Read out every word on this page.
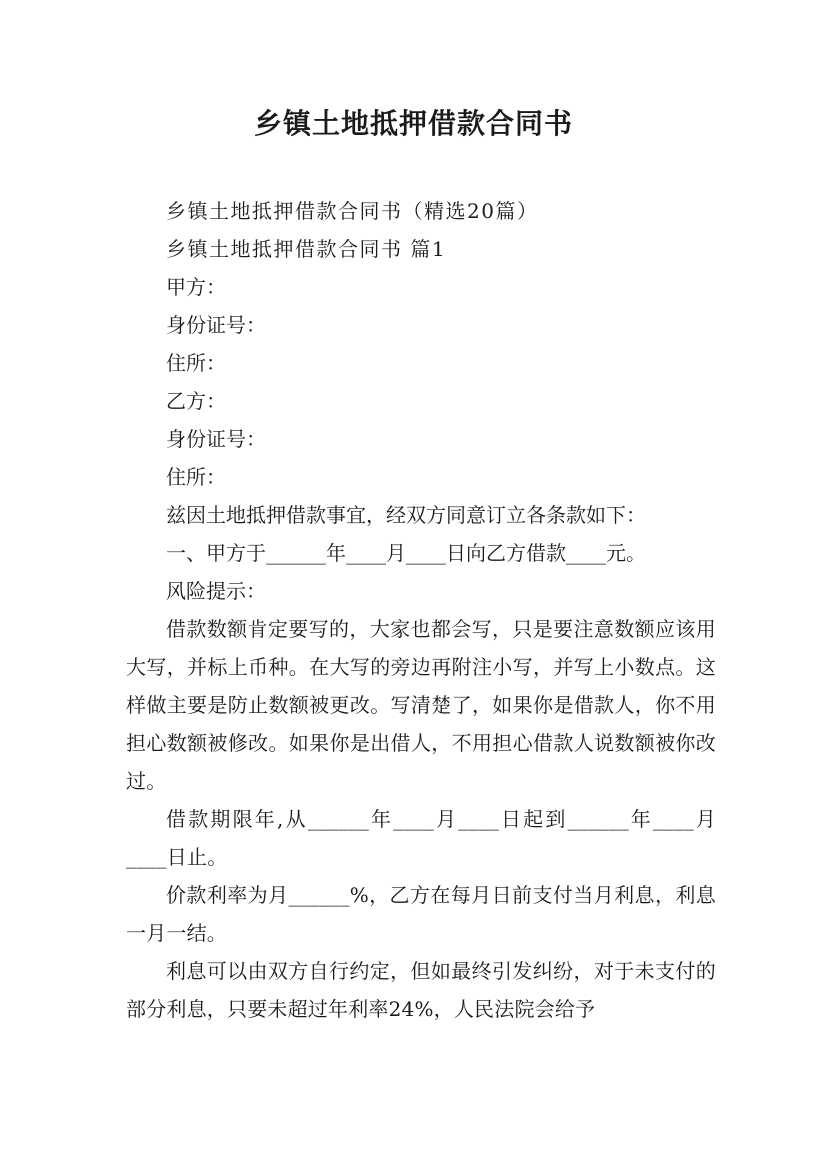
乡镇土地抵押借款合同书

乡镇土地抵押借款合同书（精选20篇）

乡镇土地抵押借款合同书 篇1

甲方：

身份证号：

住所：

乙方：

身份证号：

住所：

兹因土地抵押借款事宜，经双方同意订立各条款如下：

一、甲方于______年____月____日向乙方借款____元。

风险提示：

借款数额肯定要写的，大家也都会写，只是要注意数额应该用大写，并标上币种。在大写的旁边再附注小写，并写上小数点。这样做主要是防止数额被更改。写清楚了，如果你是借款人，你不用担心数额被修改。如果你是出借人，不用担心借款人说数额被你改过。

借款期限年,从______年____月____日起到______年____月____日止。

价款利率为月______%，乙方在每月日前支付当月利息，利息一月一结。

利息可以由双方自行约定，但如最终引发纠纷，对于未支付的部分利息，只要未超过年利率24%，人民法院会给予
